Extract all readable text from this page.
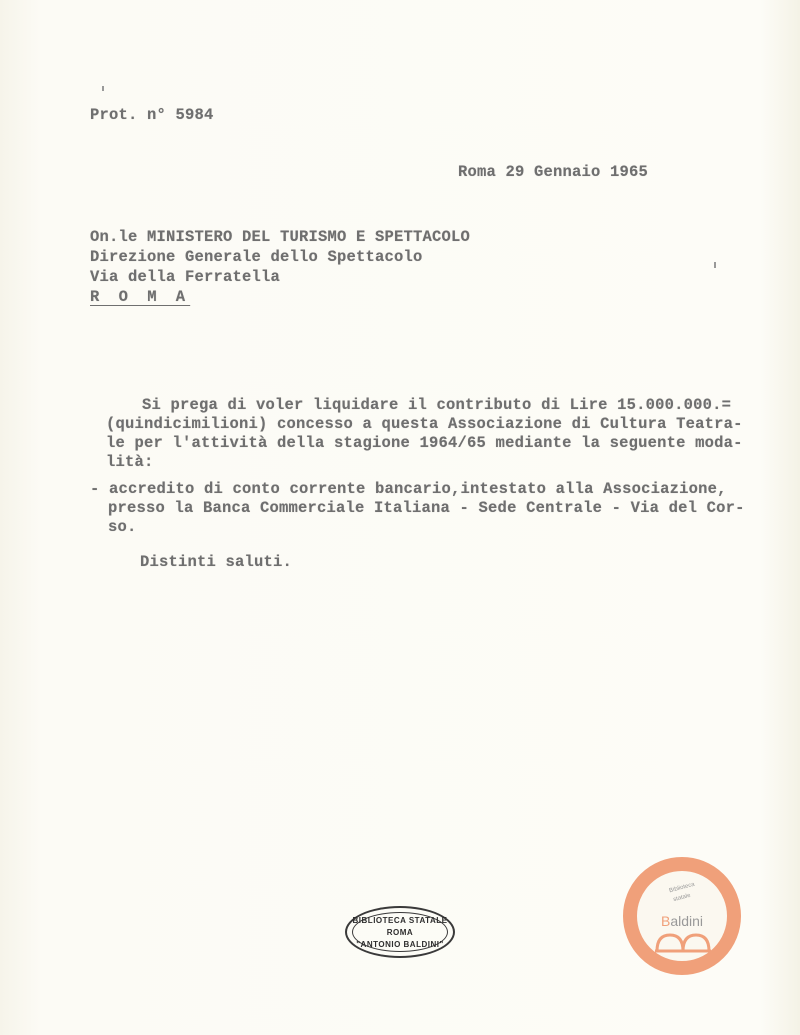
Prot. n° 5984
Roma 29 Gennaio 1965
On.le MINISTERO DEL TURISMO E SPETTACOLO
Direzione Generale dello Spettacolo
Via della Ferratella
R O M A
Si prega di voler liquidare il contributo di Lire 15.000.000.=
(quindicimilioni) concesso a questa Associazione di Cultura Teatra-
le per l'attività della stagione 1964/65 mediante la seguente moda-
lità:
- accredito di conto corrente bancario,intestato alla Associazione,
presso la Banca Commerciale Italiana - Sede Centrale - Via del Cor-
so.
Distinti saluti.
BIBLIOTECA STATALE
ROMA
"ANTONIO BALDINI"
Biblioteca
statale
Baldini
